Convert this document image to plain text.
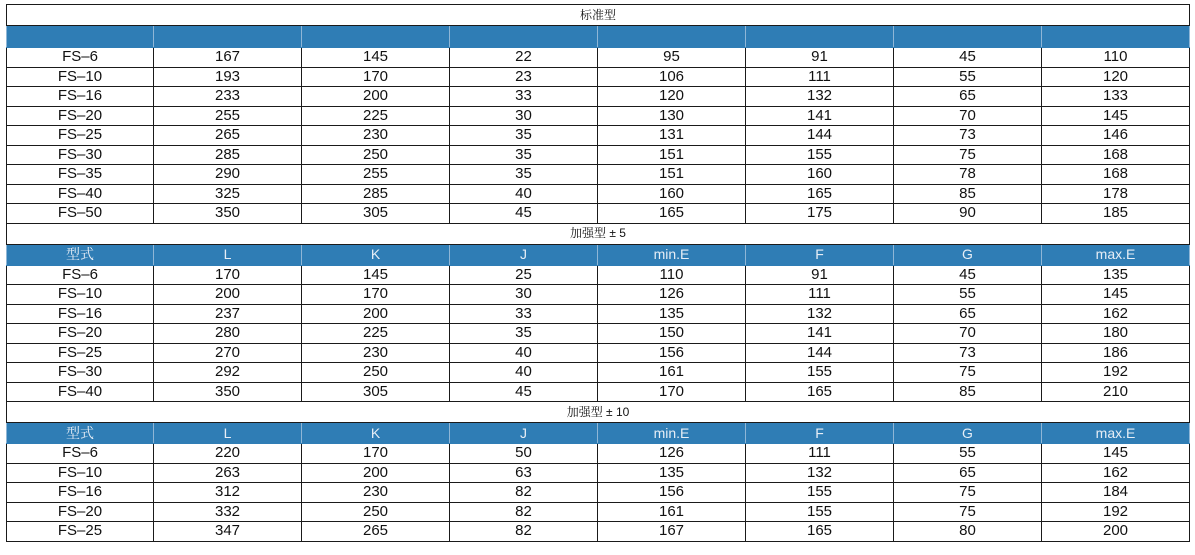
标准型							

FS–6	167	145	22	95	91	45	110
FS–10	193	170	23	106	111	55	120
FS–16	233	200	33	120	132	65	133
FS–20	255	225	30	130	141	70	145
FS–25	265	230	35	131	144	73	146
FS–30	285	250	35	151	155	75	168
FS–35	290	255	35	151	160	78	168
FS–40	325	285	40	160	165	85	178
FS–50	350	305	45	165	175	90	185
加强型 ± 5							
型式	L	K	J	min.E	F	G	max.E
FS–6	170	145	25	110	91	45	135
FS–10	200	170	30	126	111	55	145
FS–16	237	200	33	135	132	65	162
FS–20	280	225	35	150	141	70	180
FS–25	270	230	40	156	144	73	186
FS–30	292	250	40	161	155	75	192
FS–40	350	305	45	170	165	85	210
加强型 ± 10							
型式	L	K	J	min.E	F	G	max.E
FS–6	220	170	50	126	111	55	145
FS–10	263	200	63	135	132	65	162
FS–16	312	230	82	156	155	75	184
FS–20	332	250	82	161	155	75	192
FS–25	347	265	82	167	165	80	200
